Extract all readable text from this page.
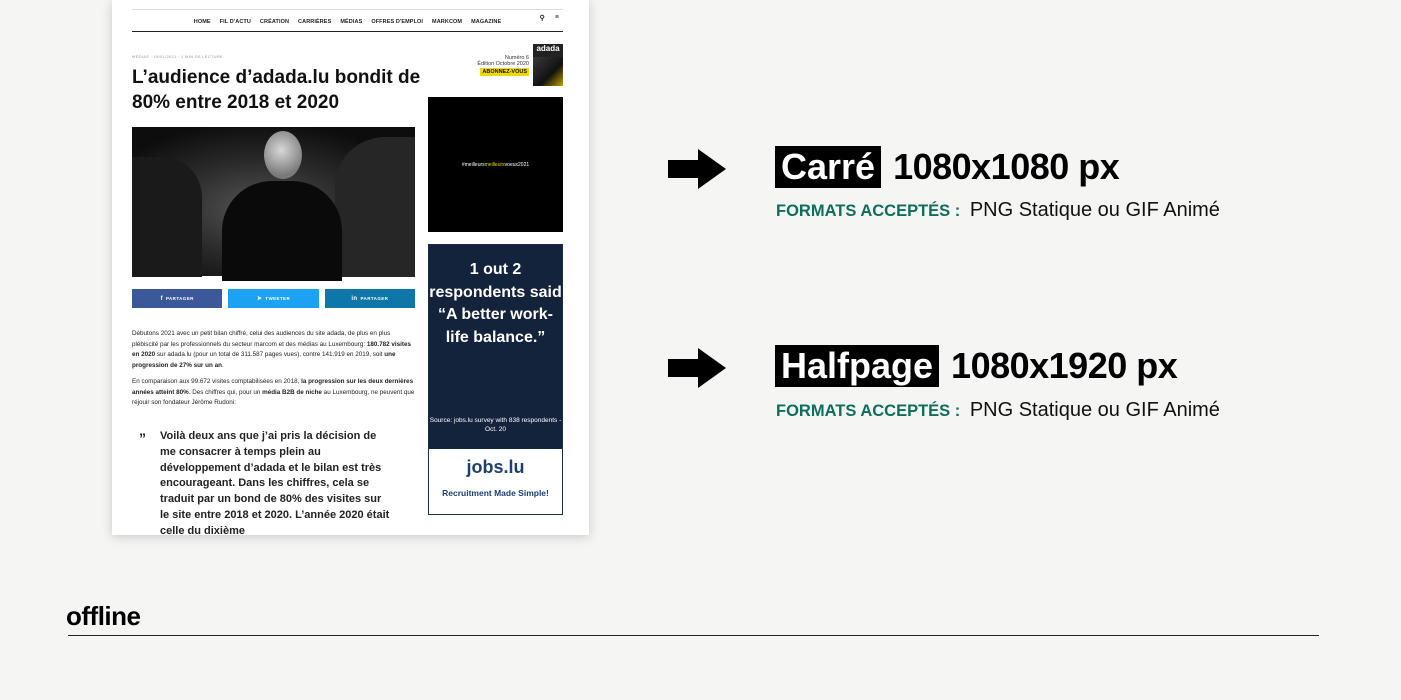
HOME FIL D'ACTU CRÉATION CARRIÈRES MÉDIAS OFFRES D'EMPLOI MARKCOM MAGAZINE	⚲ ≡
MÉDIAS · 19/01/2021 · 1 MIN DE LECTURE
L’audience d’adada.lu bondit de 80% entre 2018 et 2020
Numéro 6
Édition Octobre 2020
ABONNEZ-VOUS
adada
f PARTAGER	➤ TWEETER	in PARTAGER

Débutons 2021 avec un petit bilan chiffré, celui des audiences du site adada, de plus en plus plébiscité par les professionnels du secteur marcom et des médias au Luxembourg: 180.782 visites en 2020 sur adada.lu (pour un total de 311.587 pages vues), contre 141.919 en 2019, soit une progression de 27% sur un an.

En comparaison aux 99.672 visites comptabilisées en 2018, la progression sur les deux dernières années atteint 80%. Des chiffres qui, pour un média B2B de niche au Luxembourg, ne peuvent que réjouir son fondateur Jérôme Rudoni:

” Voilà deux ans que j’ai pris la décision de me consacrer à temps plein au développement d’adada et le bilan est très encourageant. Dans les chiffres, cela se traduit par un bond de 80% des visites sur le site entre 2018 et 2020. L’année 2020 était celle du dixième

#meilleursmeilleursvoeux2021
1 out 2 respondents said “A better work-life balance.”
Source: jobs.lu survey with 838 respondents - Oct. 20
jobs.lu
Recruitment Made Simple!
Carré 1080x1080 px
FORMATS ACCEPTÉS : PNG Statique ou GIF Animé
Halfpage 1080x1920 px
FORMATS ACCEPTÉS : PNG Statique ou GIF Animé
offline
